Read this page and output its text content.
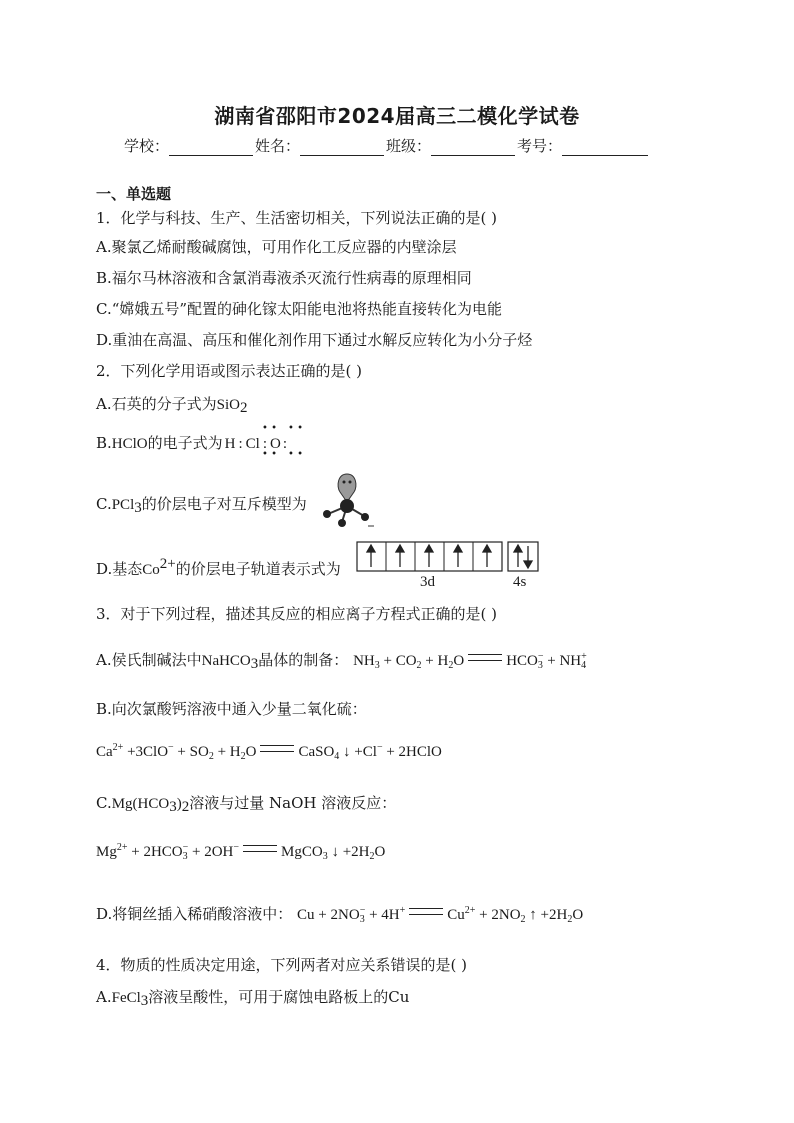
湖南省邵阳市2024届高三二模化学试卷
学校：	姓名：	班级：	考号：
一、单选题
1．化学与科技、生产、生活密切相关，下列说法正确的是( )
A.聚氯乙烯耐酸碱腐蚀，可用作化工反应器的内壁涂层
B.福尔马林溶液和含氯消毒液杀灭流行性病毒的原理相同
C.“嫦娥五号”配置的砷化镓太阳能电池将热能直接转化为电能
D.重油在高温、高压和催化剂作用下通过水解反应转化为小分子烃
2．下列化学用语或图示表达正确的是( )
A.石英的分子式为SiO$_2$
B.HClO的电子式为 H : Cl : O :
• •
• •
• •
• •
C.PCl$_3$的价层电子对互斥模型为
D.基态$Co^{2+}$的价层电子轨道表示式为
3d	4s
3．对于下列过程，描述其反应的相应离子方程式正确的是( )
A.侯氏制碱法中NaHCO$_3$晶体的制备： $NH_3 + CO_2 + H_2O$	$HCO_3^- + NH_4^+$
B.向次氯酸钙溶液中通入少量二氧化硫：
$Ca^{2+} +3ClO^- + SO_2 + H_2O$	CaSO$_4$ ↓ +Cl− + 2HClO
$C.Mg(HCO_3)_2$溶液与过量 NaOH 溶液反应：
$Mg^{2+} + 2HCO_3^- + 2OH^-$	MgCO$_3$ ↓ $+2H_2O$
D.将铜丝插入稀硝酸溶液中： $Cu + 2NO_3^- + 4H^+$	$Cu^{2+} + 2NO_2$ ↑ $+2H_2O$
4．物质的性质决定用途，下列两者对应关系错误的是( )
A.FeCl$_3$溶液呈酸性，可用于腐蚀电路板上的Cu
